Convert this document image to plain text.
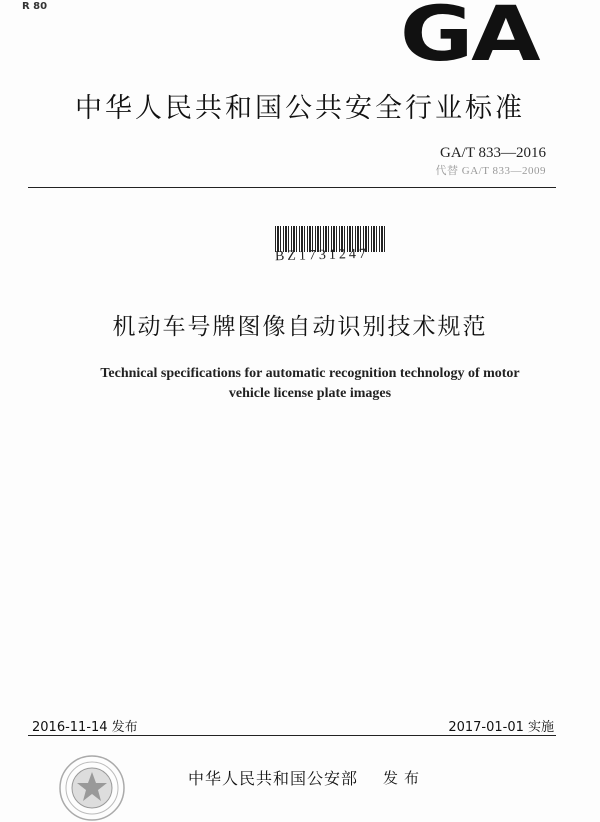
R 80	GA
中华人民共和国公共安全行业标准
GA/T 833—2016
代替 GA/T 833—2009
BZ1731247
机动车号牌图像自动识别技术规范
Technical specifications for automatic recognition technology of motor
vehicle license plate images
2016-11-14 发布	2017-01-01 实施
中华人民共和国公安部 发布
